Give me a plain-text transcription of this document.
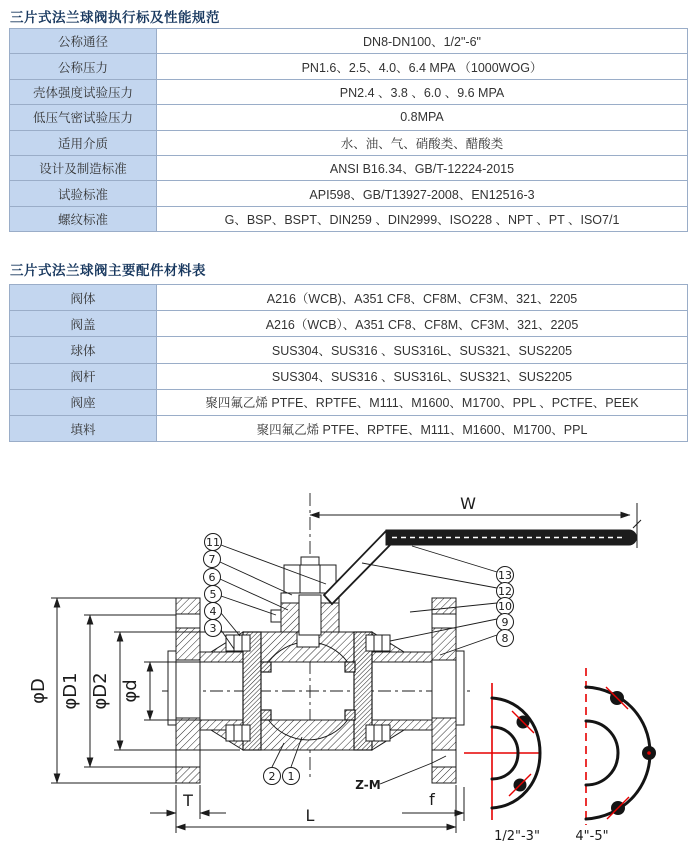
三片式法兰球阀执行标及性能规范
公称通径	DN8-DN100、1/2"-6"
公称压力	PN1.6、2.5、4.0、6.4 MPA （1000WOG）
壳体强度试验压力	PN2.4 、3.8 、6.0 、9.6 MPA
低压气密试验压力	0.8MPA
适用介质	水、油、气、硝酸类、醋酸类
设计及制造标准	ANSI B16.34、GB/T-12224-2015
试验标准	API598、GB/T13927-2008、EN12516-3
螺纹标准	G、BSP、BSPT、DIN259 、DIN2999、ISO228 、NPT 、PT 、ISO7/1
三片式法兰球阀主要配件材料表
阀体	A216（WCB)、A351 CF8、CF8M、CF3M、321、2205
阀盖	A216（WCB）、A351 CF8、CF8M、CF3M、321、2205
球体	SUS304、SUS316 、SUS316L、SUS321、SUS2205
阀杆	SUS304、SUS316 、SUS316L、SUS321、SUS2205
阀座	聚四氟乙烯 PTFE、RPTFE、M111、M1600、M1700、PPL 、PCTFE、PEEK
填料	聚四氟乙烯 PTFE、RPTFE、M111、M1600、M1700、PPL
W
φD φD1 φD2 φd
T
L
f
Z-M
11
7
6
5
4
3
13
12
10
9
8
2 1
1/2"-3"	4"-5"
